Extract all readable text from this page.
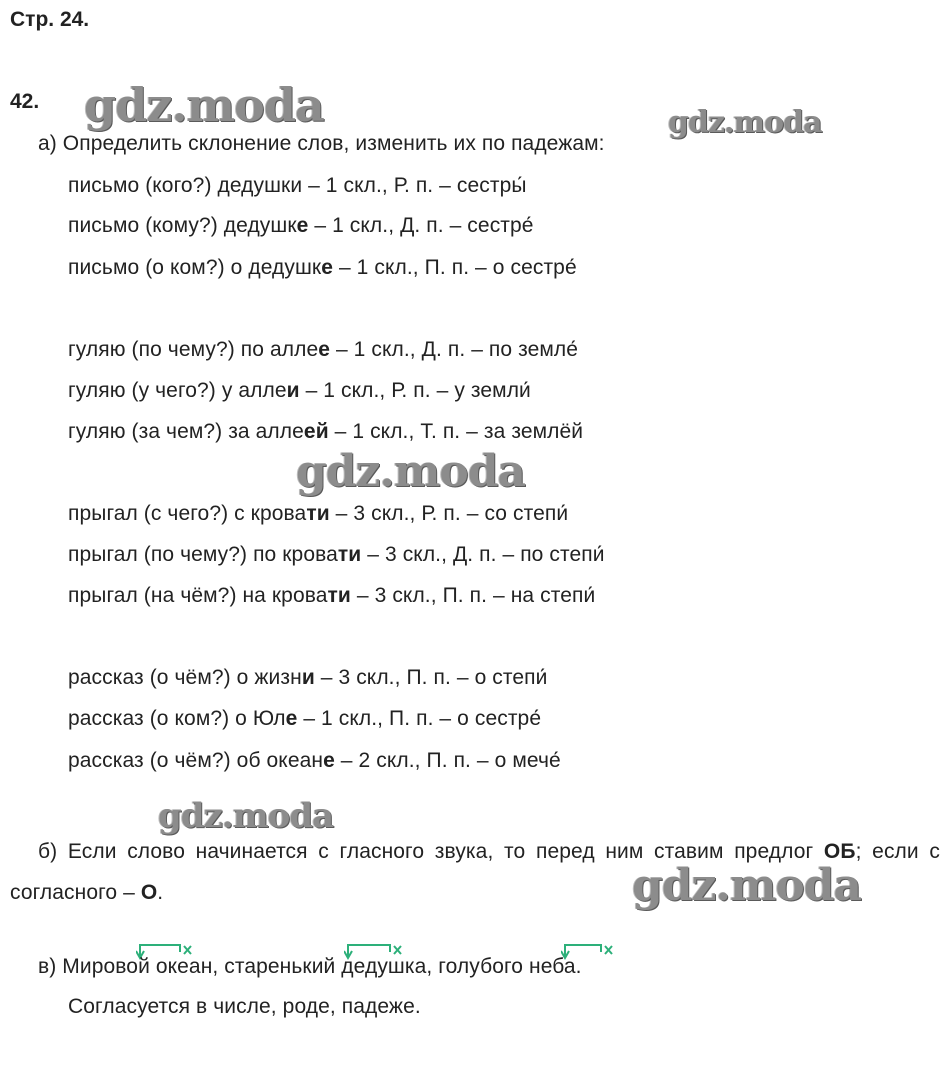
Стр. 24.
42.
а) Определить склонение слов, изменить их по падежам:
письмо (кого?) дедушки – 1 скл., Р. п. – сестры́
письмо (кому?) дедушке – 1 скл., Д. п. – сестре́
письмо (о ком?) о дедушке – 1 скл., П. п. – о сестре́
гуляю (по чему?) по аллее – 1 скл., Д. п. – по земле́
гуляю (у чего?) у аллеи – 1 скл., Р. п. – у земли́
гуляю (за чем?) за аллеей – 1 скл., Т. п. – за землёй
прыгал (с чего?) с кровати – 3 скл., Р. п. – со степи́
прыгал (по чему?) по кровати – 3 скл., Д. п. – по степи́
прыгал (на чём?) на кровати – 3 скл., П. п. – на степи́
рассказ (о чём?) о жизни – 3 скл., П. п. – о степи́
рассказ (о ком?) о Юле – 1 скл., П. п. – о сестре́
рассказ (о чём?) об океане – 2 скл., П. п. – о мече́
б) Если слово начинается с гласного звука, то перед ним ставим предлог ОБ; если с согласного – О.
в) Мировой океан, старенький дедушка, голубого неба.
Согласуется в числе, роде, падеже.
gdz.moda	gdz.moda
gdz.moda
gdz.moda
gdz.moda
